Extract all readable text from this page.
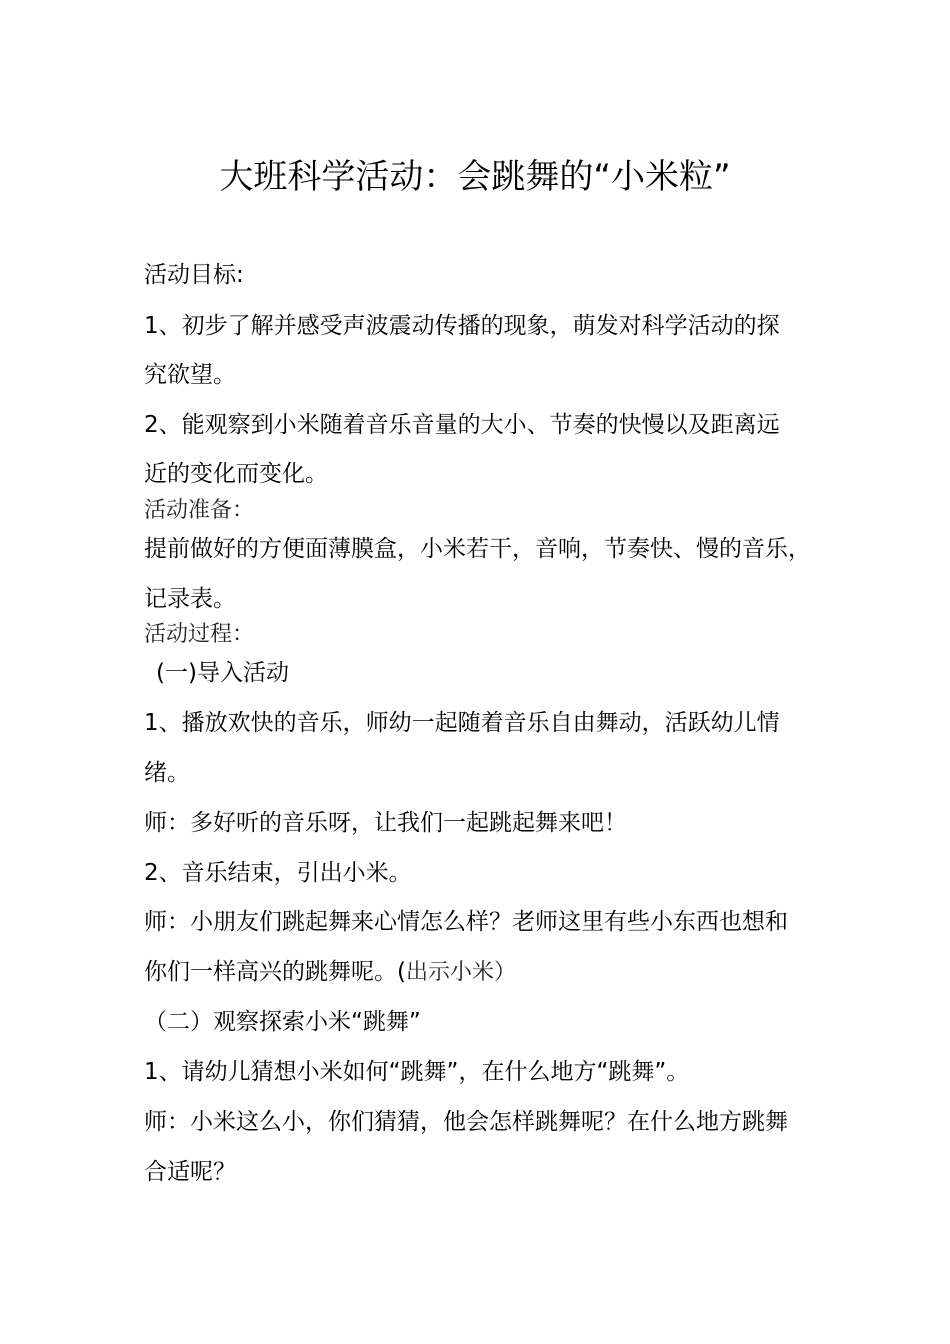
大班科学活动：会跳舞的“小米粒”
活动目标:
1、初步了解并感受声波震动传播的现象，萌发对科学活动的探
究欲望。
2、能观察到小米随着音乐音量的大小、节奏的快慢以及距离远
近的变化而变化。
活动准备：
提前做好的方便面薄膜盒，小米若干，音响，节奏快、慢的音乐，
记录表。
活动过程：
(一)导入活动
1、播放欢快的音乐，师幼一起随着音乐自由舞动，活跃幼儿情
绪。
师：多好听的音乐呀，让我们一起跳起舞来吧！
2、音乐结束，引出小米。
师：小朋友们跳起舞来心情怎么样？老师这里有些小东西也想和
你们一样高兴的跳舞呢。(出示小米）
（二）观察探索小米“跳舞”
1、请幼儿猜想小米如何“跳舞”，在什么地方“跳舞”。
师：小米这么小，你们猜猜，他会怎样跳舞呢？在什么地方跳舞
合适呢？
